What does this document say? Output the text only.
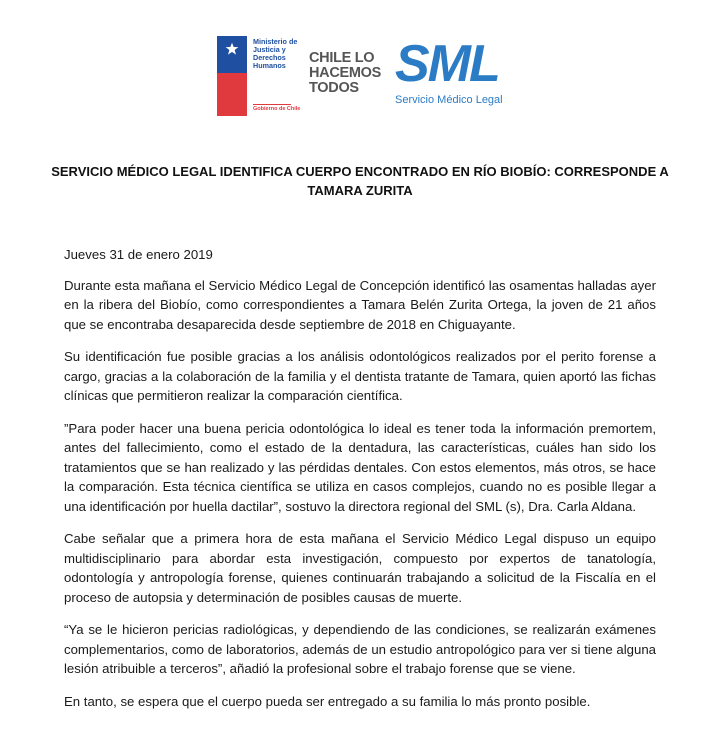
Ministerio de
Justicia y
Derechos
Humanos
Gobierno de Chile
CHILE LO
HACEMOS
TODOS SML
Servicio Médico Legal
SERVICIO MÉDICO LEGAL IDENTIFICA CUERPO ENCONTRADO EN RÍO BIOBÍO: CORRESPONDE A TAMARA ZURITA

Jueves 31 de enero 2019

Durante esta mañana el Servicio Médico Legal de Concepción identificó las osamentas halladas ayer en la ribera del Biobío, como correspondientes a Tamara Belén Zurita Ortega, la joven de 21 años que se encontraba desaparecida desde septiembre de 2018 en Chiguayante.

Su identificación fue posible gracias a los análisis odontológicos realizados por el perito forense a cargo, gracias a la colaboración de la familia y el dentista tratante de Tamara, quien aportó las fichas clínicas que permitieron realizar la comparación científica.

”Para poder hacer una buena pericia odontológica lo ideal es tener toda la información premortem, antes del fallecimiento, como el estado de la dentadura, las características, cuáles han sido los tratamientos que se han realizado y las pérdidas dentales. Con estos elementos, más otros, se hace la comparación. Esta técnica científica se utiliza en casos complejos, cuando no es posible llegar a una identificación por huella dactilar”, sostuvo la directora regional del SML (s), Dra. Carla Aldana.

Cabe señalar que a primera hora de esta mañana el Servicio Médico Legal dispuso un equipo multidisciplinario para abordar esta investigación, compuesto por expertos de tanatología, odontología y antropología forense, quienes continuarán trabajando a solicitud de la Fiscalía en el proceso de autopsia y determinación de posibles causas de muerte.

“Ya se le hicieron pericias radiológicas, y dependiendo de las condiciones, se realizarán exámenes complementarios, como de laboratorios, además de un estudio antropológico para ver si tiene alguna lesión atribuible a terceros”, añadió la profesional sobre el trabajo forense que se viene.

En tanto, se espera que el cuerpo pueda ser entregado a su familia lo más pronto posible.
